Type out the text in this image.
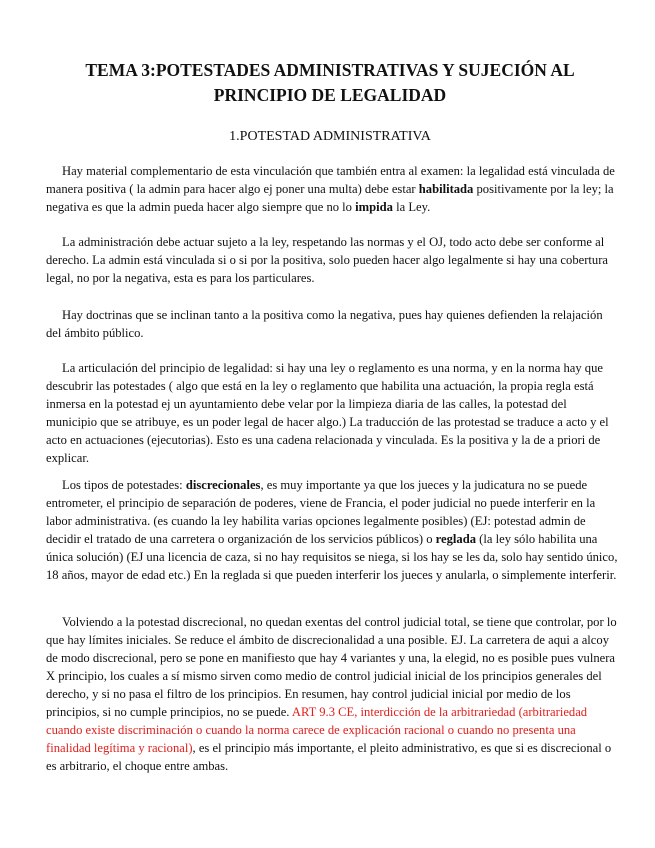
TEMA 3:POTESTADES ADMINISTRATIVAS Y SUJECIÓN AL PRINCIPIO DE LEGALIDAD
1.POTESTAD ADMINISTRATIVA

Hay material complementario de esta vinculación que también entra al examen: la legalidad está vinculada de manera positiva ( la admin para hacer algo ej poner una multa) debe estar habilitada positivamente por la ley; la negativa es que la admin pueda hacer algo siempre que no lo impida la Ley.

La administración debe actuar sujeto a la ley, respetando las normas y el OJ, todo acto debe ser conforme al derecho. La admin está vinculada si o si por la positiva, solo pueden hacer algo legalmente si hay una cobertura legal, no por la negativa, esta es para los particulares.

Hay doctrinas que se inclinan tanto a la positiva como la negativa, pues hay quienes defienden la relajación del ámbito público.

La articulación del principio de legalidad: si hay una ley o reglamento es una norma, y en la norma hay que descubrir las potestades ( algo que está en la ley o reglamento que habilita una actuación, la propia regla está inmersa en la potestad ej un ayuntamiento debe velar por la limpieza diaria de las calles, la potestad del municipio que se atribuye, es un poder legal de hacer algo.) La traducción de las protestad se traduce a acto y el acto en actuaciones (ejecutorias). Esto es una cadena relacionada y vinculada. Es la positiva y la de a priori de explicar.

Los tipos de potestades: discrecionales, es muy importante ya que los jueces y la judicatura no se puede entrometer, el principio de separación de poderes, viene de Francia, el poder judicial no puede interferir en la labor administrativa. (es cuando la ley habilita varias opciones legalmente posibles) (EJ: potestad admin de decidir el tratado de una carretera o organización de los servicios públicos) o reglada (la ley sólo habilita una única solución) (EJ una licencia de caza, si no hay requisitos se niega, si los hay se les da, solo hay sentido único, 18 años, mayor de edad etc.) En la reglada si que pueden interferir los jueces y anularla, o simplemente interferir.

Volviendo a la potestad discrecional, no quedan exentas del control judicial total, se tiene que controlar, por lo que hay límites iniciales. Se reduce el ámbito de discrecionalidad a una posible. EJ. La carretera de aqui a alcoy de modo discrecional, pero se pone en manifiesto que hay 4 variantes y una, la elegid, no es posible pues vulnera X principio, los cuales a sí mismo sirven como medio de control judicial inicial de los principios generales del derecho, y si no pasa el filtro de los principios. En resumen, hay control judicial inicial por medio de los principios, si no cumple principios, no se puede. ART 9.3 CE, interdicción de la arbitrariedad (arbitrariedad cuando existe discriminación o cuando la norma carece de explicación racional o cuando no presenta una finalidad legítima y racional), es el principio más importante, el pleito administrativo, es que si es discrecional o es arbitrario, el choque entre ambas.
